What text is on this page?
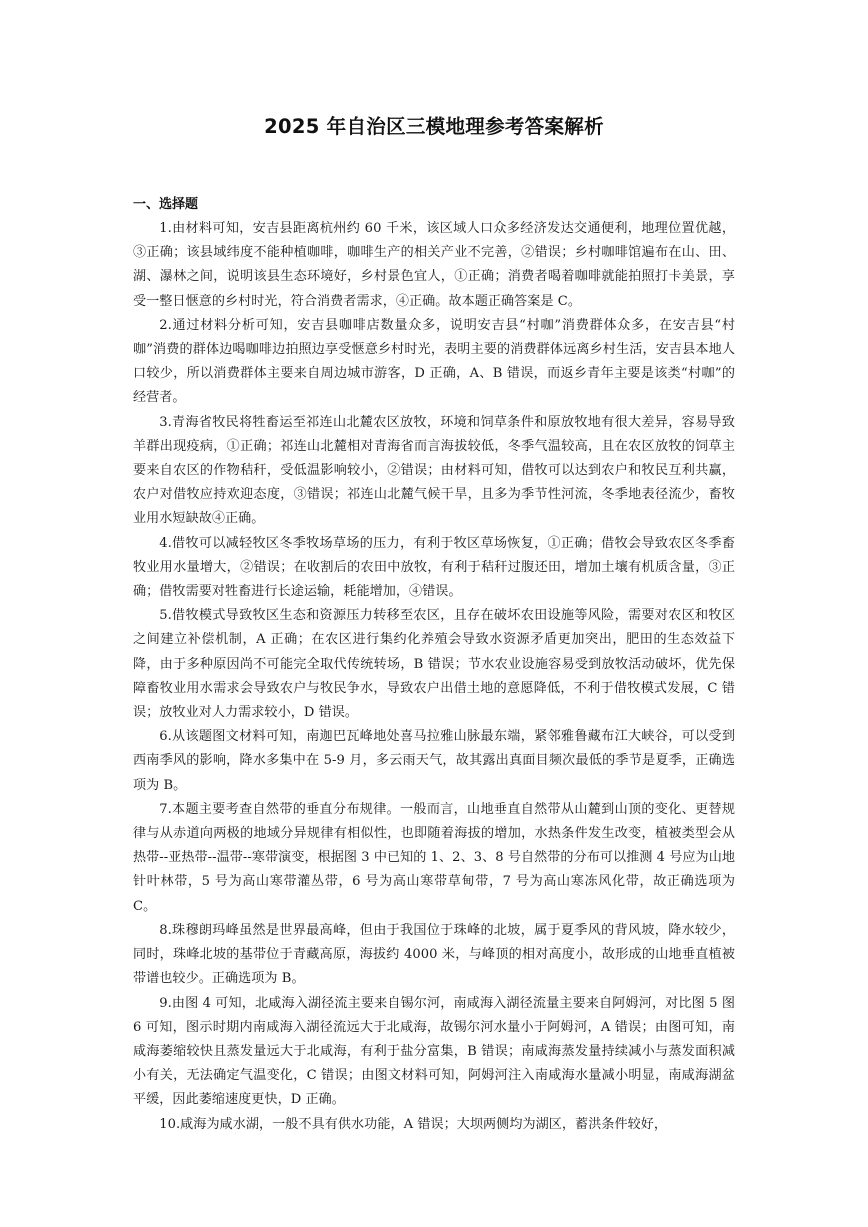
2025 年自治区三模地理参考答案解析
一、选择题

1.由材料可知，安吉县距离杭州约 60 千米，该区域人口众多经济发达交通便利，地理位置优越，③正确；该县域纬度不能种植咖啡，咖啡生产的相关产业不完善，②错误；乡村咖啡馆遍布在山、田、湖、瀑林之间，说明该县生态环境好，乡村景色宜人，①正确；消费者喝着咖啡就能拍照打卡美景，享受一整日惬意的乡村时光，符合消费者需求，④正确。故本题正确答案是 C。

2.通过材料分析可知，安吉县咖啡店数量众多，说明安吉县“村咖”消费群体众多，在安吉县“村咖”消费的群体边喝咖啡边拍照边享受惬意乡村时光，表明主要的消费群体远离乡村生活，安吉县本地人口较少，所以消费群体主要来自周边城市游客，D 正确，A、B 错误，而返乡青年主要是该类“村咖”的经营者。

3.青海省牧民将牲畜运至祁连山北麓农区放牧，环境和饲草条件和原放牧地有很大差异，容易导致羊群出现疫病，①正确；祁连山北麓相对青海省而言海拔较低，冬季气温较高，且在农区放牧的饲草主要来自农区的作物秸秆，受低温影响较小，②错误；由材料可知，借牧可以达到农户和牧民互利共赢，农户对借牧应持欢迎态度，③错误；祁连山北麓气候干旱，且多为季节性河流，冬季地表径流少，畜牧业用水短缺故④正确。

4.借牧可以减轻牧区冬季牧场草场的压力，有利于牧区草场恢复，①正确；借牧会导致农区冬季畜牧业用水量增大，②错误；在收割后的农田中放牧，有利于秸秆过腹还田，增加土壤有机质含量，③正确；借牧需要对牲畜进行长途运输，耗能增加，④错误。

5.借牧模式导致牧区生态和资源压力转移至农区，且存在破坏农田设施等风险，需要对农区和牧区之间建立补偿机制，A 正确；在农区进行集约化养殖会导致水资源矛盾更加突出，肥田的生态效益下降，由于多种原因尚不可能完全取代传统转场，B 错误；节水农业设施容易受到放牧活动破坏，优先保障畜牧业用水需求会导致农户与牧民争水，导致农户出借土地的意愿降低，不利于借牧模式发展，C 错误；放牧业对人力需求较小，D 错误。

6.从该题图文材料可知，南迦巴瓦峰地处喜马拉雅山脉最东端，紧邻雅鲁藏布江大峡谷，可以受到西南季风的影响，降水多集中在 5-9 月，多云雨天气，故其露出真面目频次最低的季节是夏季，正确选项为 B。

7.本题主要考查自然带的垂直分布规律。一般而言，山地垂直自然带从山麓到山顶的变化、更替规律与从赤道向两极的地域分异规律有相似性，也即随着海拔的增加，水热条件发生改变，植被类型会从热带--亚热带--温带--寒带演变，根据图 3 中已知的 1、2、3、8 号自然带的分布可以推测 4 号应为山地针叶林带，5 号为高山寒带灌丛带，6 号为高山寒带草甸带，7 号为高山寒冻风化带，故正确选项为 C。

8.珠穆朗玛峰虽然是世界最高峰，但由于我国位于珠峰的北坡，属于夏季风的背风坡，降水较少，同时，珠峰北坡的基带位于青藏高原，海拔约 4000 米，与峰顶的相对高度小，故形成的山地垂直植被带谱也较少。正确选项为 B。

9.由图 4 可知，北咸海入湖径流主要来自锡尔河，南咸海入湖径流量主要来自阿姆河，对比图 5 图 6 可知，图示时期内南咸海入湖径流远大于北咸海，故锡尔河水量小于阿姆河，A 错误；由图可知，南咸海萎缩较快且蒸发量远大于北咸海，有利于盐分富集，B 错误；南咸海蒸发量持续减小与蒸发面积减小有关，无法确定气温变化，C 错误；由图文材料可知，阿姆河注入南咸海水量减小明显，南咸海湖盆平缓，因此萎缩速度更快，D 正确。

10.咸海为咸水湖，一般不具有供水功能，A 错误；大坝两侧均为湖区，蓄洪条件较好，
